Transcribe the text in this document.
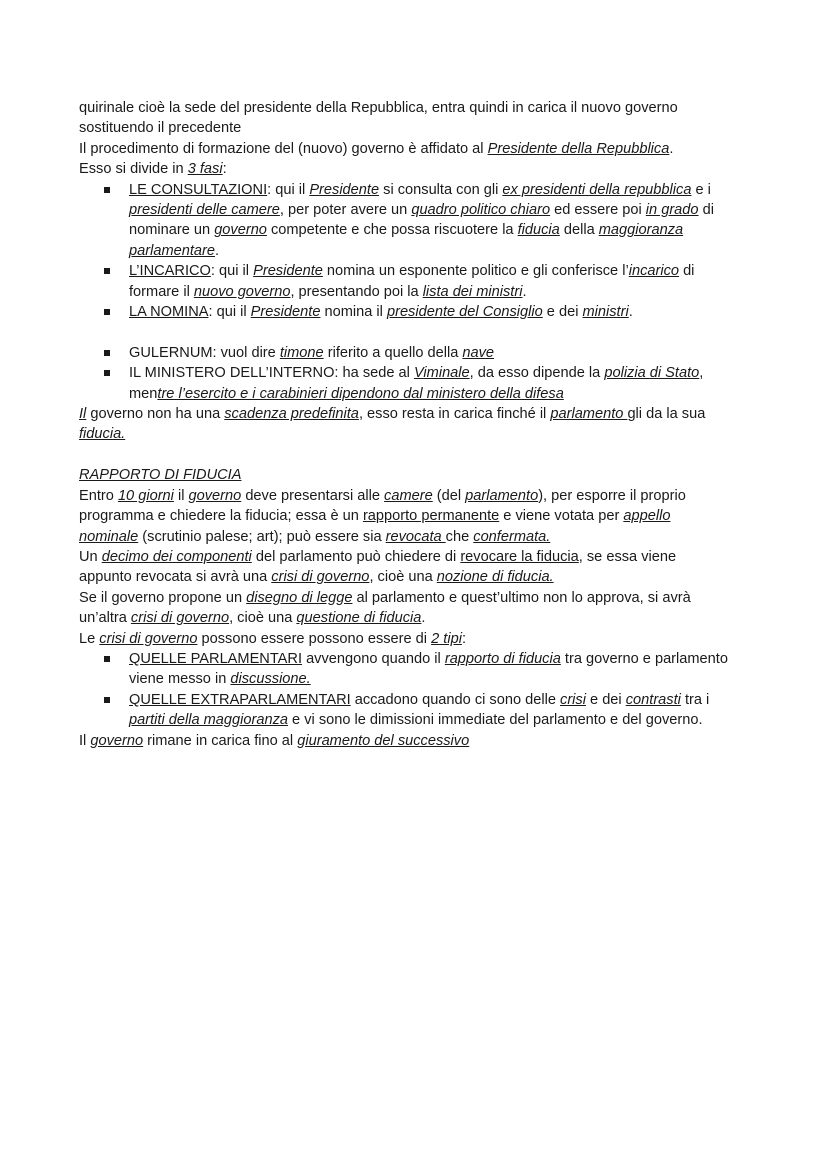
quirinale cioè la sede del presidente della Repubblica, entra quindi in carica il nuovo governo
sostituendo il precedente
Il procedimento di formazione del (nuovo) governo è affidato al Presidente della Repubblica.
Esso si divide in 3 fasi:
LE CONSULTAZIONI: qui il Presidente si consulta con gli ex presidenti della repubblica e i
presidenti delle camere, per poter avere un quadro politico chiaro ed essere poi in grado di
nominare un governo competente e che possa riscuotere la fiducia della maggioranza
parlamentare.
L’INCARICO: qui il Presidente nomina un esponente politico e gli conferisce l’incarico di
formare il nuovo governo, presentando poi la lista dei ministri.
LA NOMINA: qui il Presidente nomina il presidente del Consiglio e dei ministri.
GULERNUM: vuol dire timone riferito a quello della nave
IL MINISTERO DELL’INTERNO: ha sede al Viminale, da esso dipende la polizia di Stato,
mentre l’esercito e i carabinieri dipendono dal ministero della difesa
Il governo non ha una scadenza predefinita, esso resta in carica finché il parlamento gli da la sua
fiducia.
RAPPORTO DI FIDUCIA
Entro 10 giorni il governo deve presentarsi alle camere (del parlamento), per esporre il proprio
programma e chiedere la fiducia; essa è un rapporto permanente e viene votata per appello
nominale (scrutinio palese; art); può essere sia revocata che confermata.
Un decimo dei componenti del parlamento può chiedere di revocare la fiducia, se essa viene
appunto revocata si avrà una crisi di governo, cioè una nozione di fiducia.
Se il governo propone un disegno di legge al parlamento e quest’ultimo non lo approva, si avrà
un’altra crisi di governo, cioè una questione di fiducia.
Le crisi di governo possono essere possono essere di 2 tipi:
QUELLE PARLAMENTARI avvengono quando il rapporto di fiducia tra governo e parlamento
viene messo in discussione.
QUELLE EXTRAPARLAMENTARI accadono quando ci sono delle crisi e dei contrasti tra i
partiti della maggioranza e vi sono le dimissioni immediate del parlamento e del governo.
Il governo rimane in carica fino al giuramento del successivo
